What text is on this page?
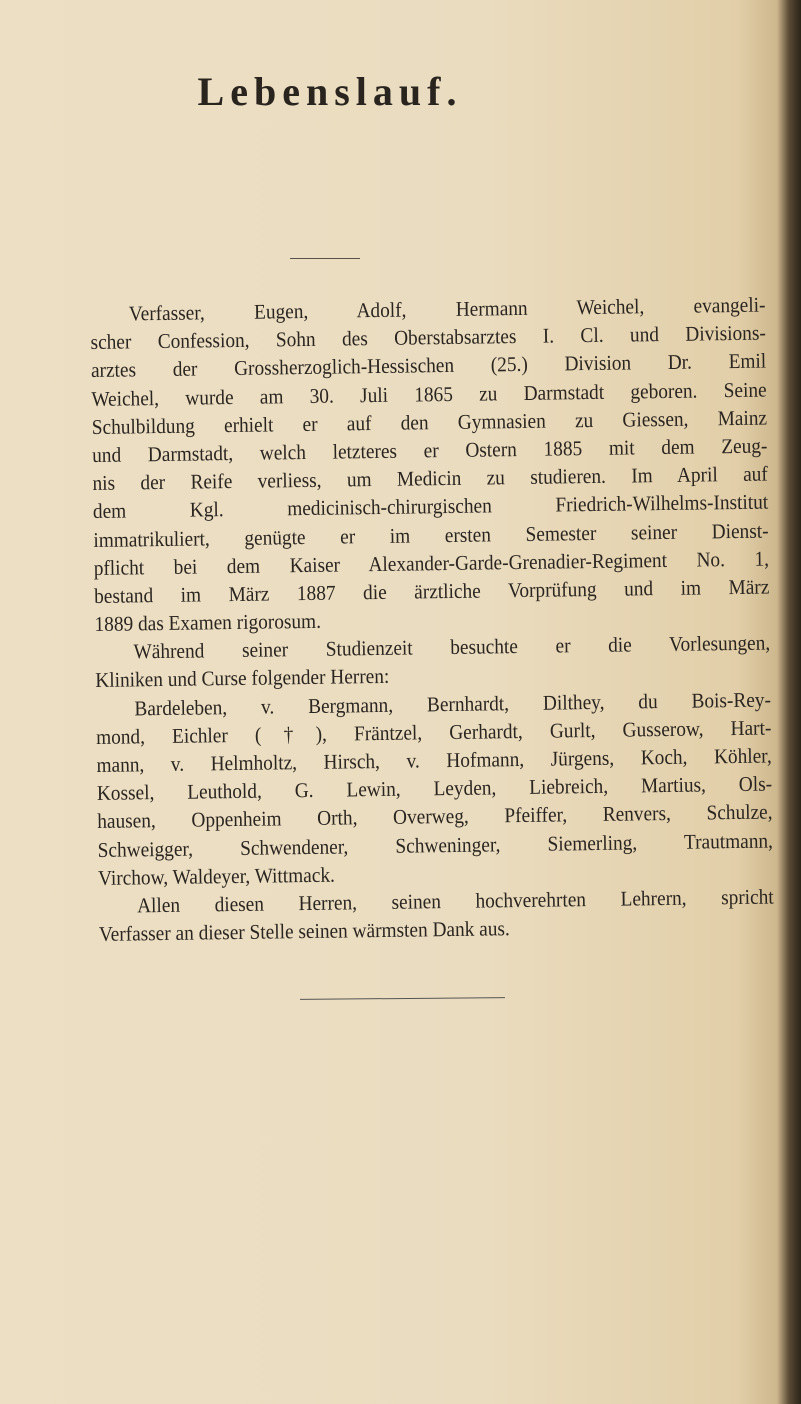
Lebenslauf.
Verfasser, Eugen, Adolf, Hermann Weichel, evangeli-
scher Confession, Sohn des Oberstabsarztes I. Cl. und Divisions-
arztes der Grossherzoglich-Hessischen (25.) Division Dr. Emil
Weichel, wurde am 30. Juli 1865 zu Darmstadt geboren. Seine
Schulbildung erhielt er auf den Gymnasien zu Giessen, Mainz
und Darmstadt, welch letzteres er Ostern 1885 mit dem Zeug-
nis der Reife verliess, um Medicin zu studieren. Im April auf
dem Kgl. medicinisch-chirurgischen Friedrich-Wilhelms-Institut
immatrikuliert, genügte er im ersten Semester seiner Dienst-
pflicht bei dem Kaiser Alexander-Garde-Grenadier-Regiment No. 1,
bestand im März 1887 die ärztliche Vorprüfung und im März
1889 das Examen rigorosum.
Während seiner Studienzeit besuchte er die Vorlesungen,
Kliniken und Curse folgender Herren:
Bardeleben, v. Bergmann, Bernhardt, Dilthey, du Bois-Rey-
mond, Eichler (†), Fräntzel, Gerhardt, Gurlt, Gusserow, Hart-
mann, v. Helmholtz, Hirsch, v. Hofmann, Jürgens, Koch, Köhler,
Kossel, Leuthold, G. Lewin, Leyden, Liebreich, Martius, Ols-
hausen, Oppenheim Orth, Overweg, Pfeiffer, Renvers, Schulze,
Schweigger, Schwendener, Schweninger, Siemerling, Trautmann,
Virchow, Waldeyer, Wittmack.
Allen diesen Herren, seinen hochverehrten Lehrern, spricht
Verfasser an dieser Stelle seinen wärmsten Dank aus.
